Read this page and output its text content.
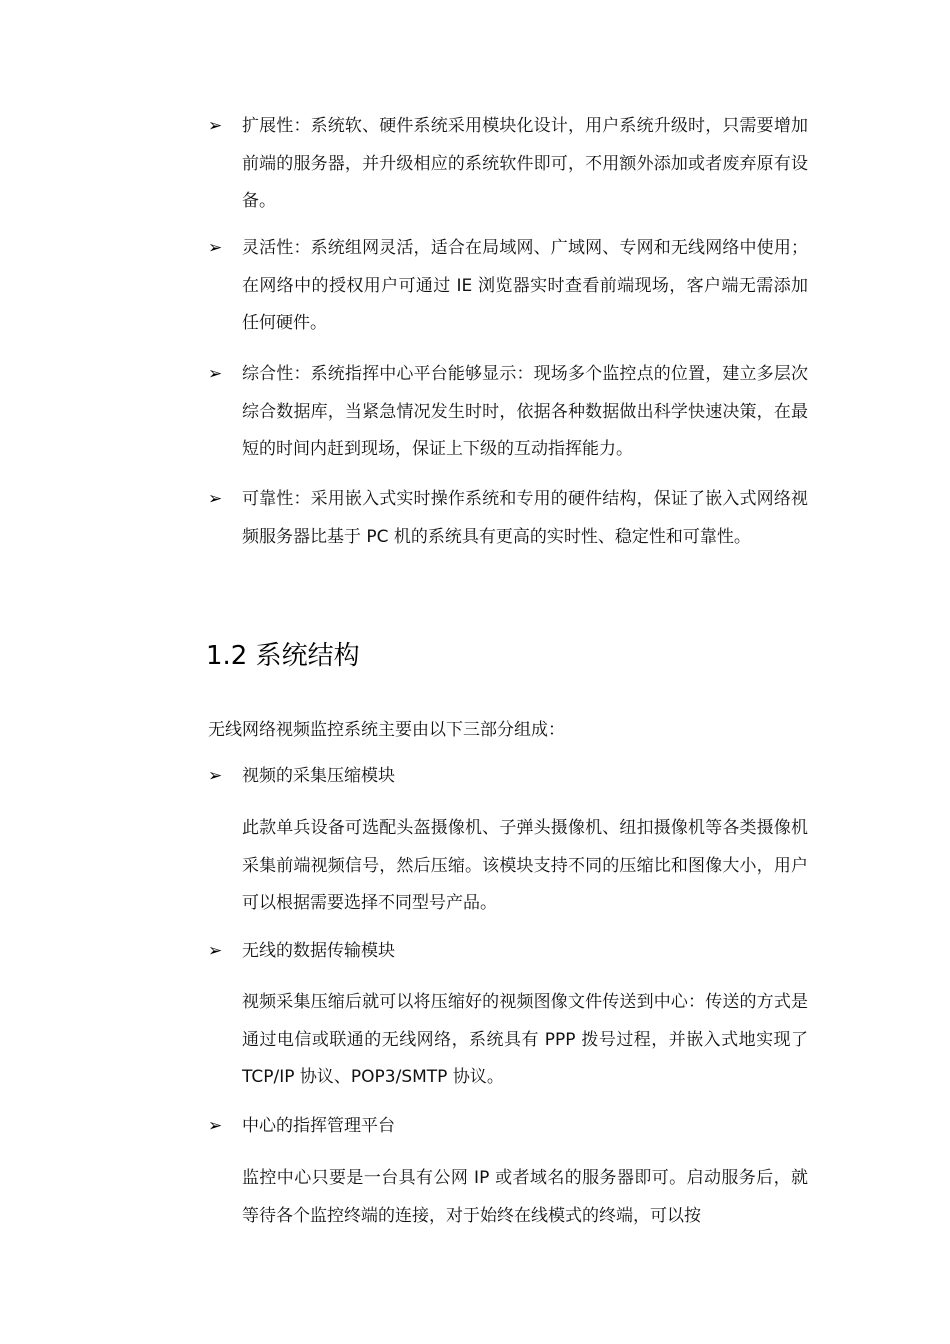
➢ 扩展性：系统软、硬件系统采用模块化设计，用户系统升级时，只需要增加前端的服务器，并升级相应的系统软件即可，不用额外添加或者废弃原有设备。
➢ 灵活性：系统组网灵活，适合在局域网、广域网、专网和无线网络中使用；在网络中的授权用户可通过 IE 浏览器实时查看前端现场，客户端无需添加任何硬件。
➢ 综合性：系统指挥中心平台能够显示：现场多个监控点的位置，建立多层次综合数据库，当紧急情况发生时时，依据各种数据做出科学快速决策，在最短的时间内赶到现场，保证上下级的互动指挥能力。
➢ 可靠性：采用嵌入式实时操作系统和专用的硬件结构，保证了嵌入式网络视频服务器比基于 PC 机的系统具有更高的实时性、稳定性和可靠性。
1.2 系统结构
无线网络视频监控系统主要由以下三部分组成：
➢ 视频的采集压缩模块
此款单兵设备可选配头盔摄像机、子弹头摄像机、纽扣摄像机等各类摄像机采集前端视频信号，然后压缩。该模块支持不同的压缩比和图像大小，用户可以根据需要选择不同型号产品。
➢ 无线的数据传输模块
视频采集压缩后就可以将压缩好的视频图像文件传送到中心：传送的方式是通过电信或联通的无线网络，系统具有 PPP 拨号过程，并嵌入式地实现了 TCP/IP 协议、POP3/SMTP 协议。
➢ 中心的指挥管理平台
监控中心只要是一台具有公网 IP 或者域名的服务器即可。启动服务后，就等待各个监控终端的连接，对于始终在线模式的终端，可以按
